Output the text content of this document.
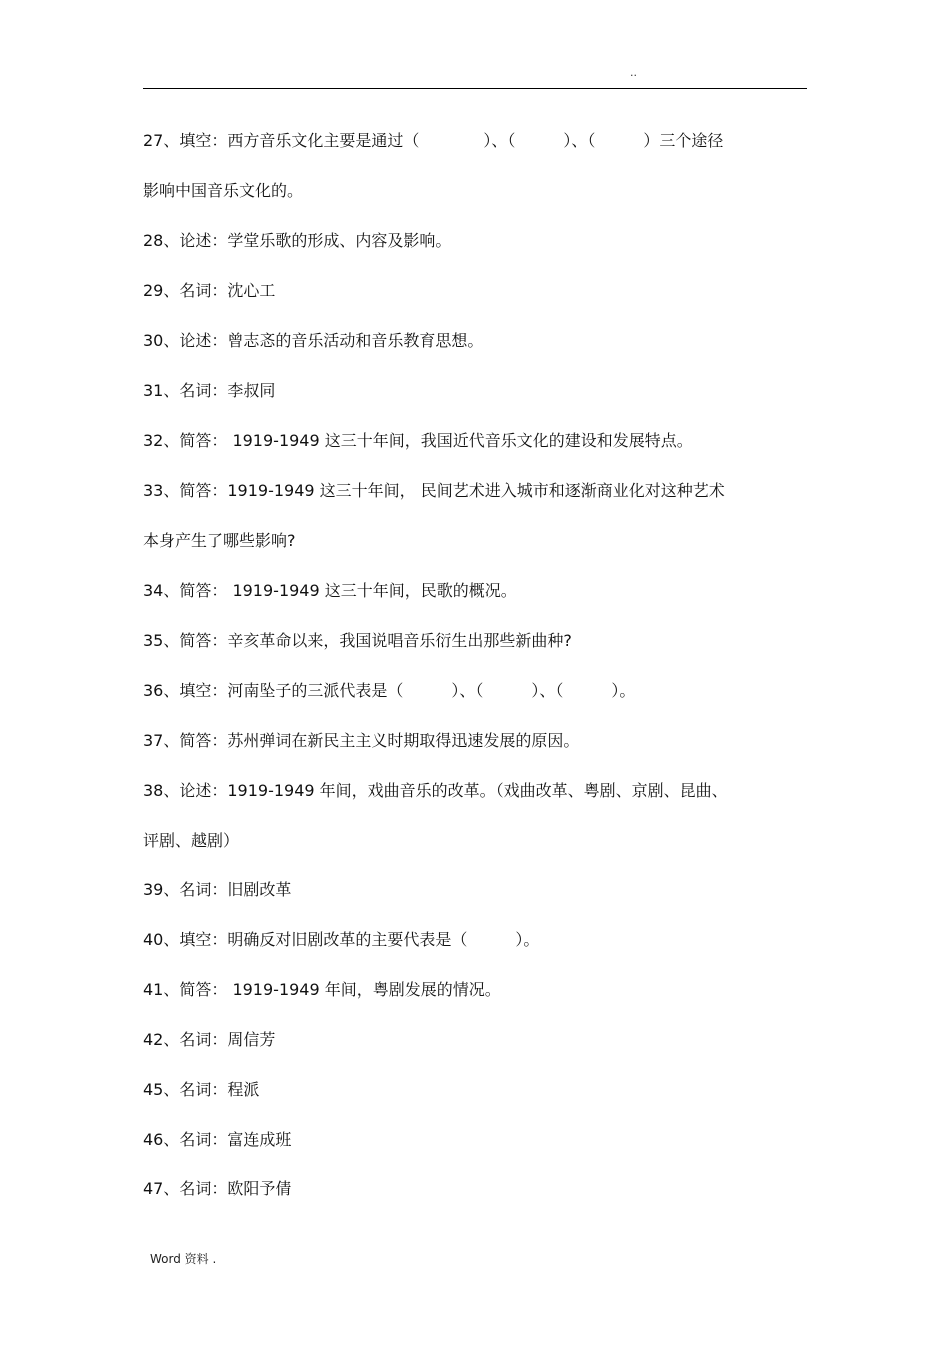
..
27、填空：西方音乐文化主要是通过（　　　　）、（　　　）、（　　　）三个途径
影响中国音乐文化的。
28、论述：学堂乐歌的形成、内容及影响。
29、名词：沈心工
30、论述：曾志忞的音乐活动和音乐教育思想。
31、名词：李叔同
32、简答： 1919-1949 这三十年间，我国近代音乐文化的建设和发展特点。
33、简答：1919-1949 这三十年间， 民间艺术进入城市和逐渐商业化对这种艺术
本身产生了哪些影响?
34、简答： 1919-1949 这三十年间，民歌的概况。
35、简答：辛亥革命以来，我国说唱音乐衍生出那些新曲种?
36、填空：河南坠子的三派代表是（　　　）、（　　　）、（　　　）。
37、简答：苏州弹词在新民主主义时期取得迅速发展的原因。
38、论述：1919-1949 年间，戏曲音乐的改革。（戏曲改革、粤剧、京剧、昆曲、
评剧、越剧）
39、名词：旧剧改革
40、填空：明确反对旧剧改革的主要代表是（　　　）。
41、简答： 1919-1949 年间，粤剧发展的情况。
42、名词：周信芳
45、名词：程派
46、名词：富连成班
47、名词：欧阳予倩
Word 资料 .
